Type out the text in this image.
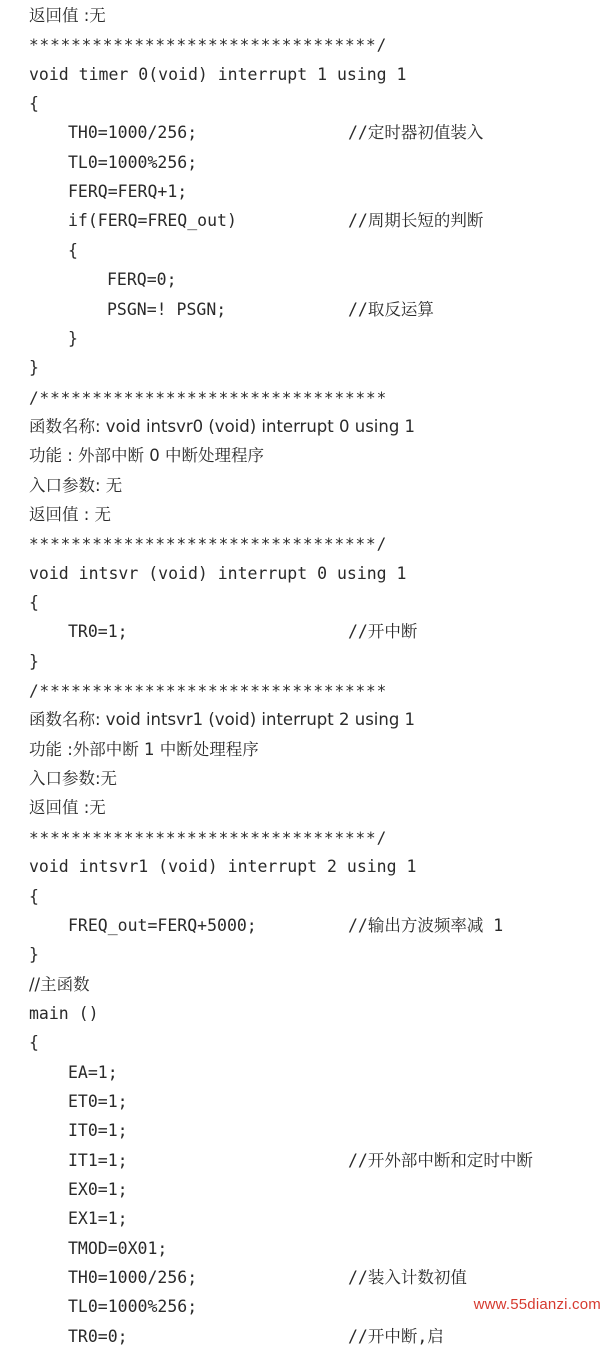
返回值 :无
*********************************/
void timer 0(void) interrupt 1 using 1
{
TH0=1000/256;	//定时器初值装入
TL0=1000%256;
FERQ=FERQ+1;
if(FERQ=FREQ_out)	//周期长短的判断
{
FERQ=0;
PSGN=! PSGN;	//取反运算
}
}
/*********************************
函数名称: void intsvr0 (void) interrupt 0 using 1
功能 : 外部中断 0 中断处理程序
入口参数: 无
返回值 : 无
*********************************/
void intsvr (void) interrupt 0 using 1
{
TR0=1;	//开中断
}
/*********************************
函数名称: void intsvr1 (void) interrupt 2 using 1
功能 :外部中断 1 中断处理程序
入口参数:无
返回值 :无
*********************************/
void intsvr1 (void) interrupt 2 using 1
{
FREQ_out=FERQ+5000;	//输出方波频率减 1
}
//主函数
main ()
{
EA=1;
ET0=1;
IT0=1;
IT1=1;	//开外部中断和定时中断
EX0=1;
EX1=1;
TMOD=0X01;
TH0=1000/256;	//装入计数初值
TL0=1000%256;
TR0=0;	//开中断,启
www.55dianzi.com
